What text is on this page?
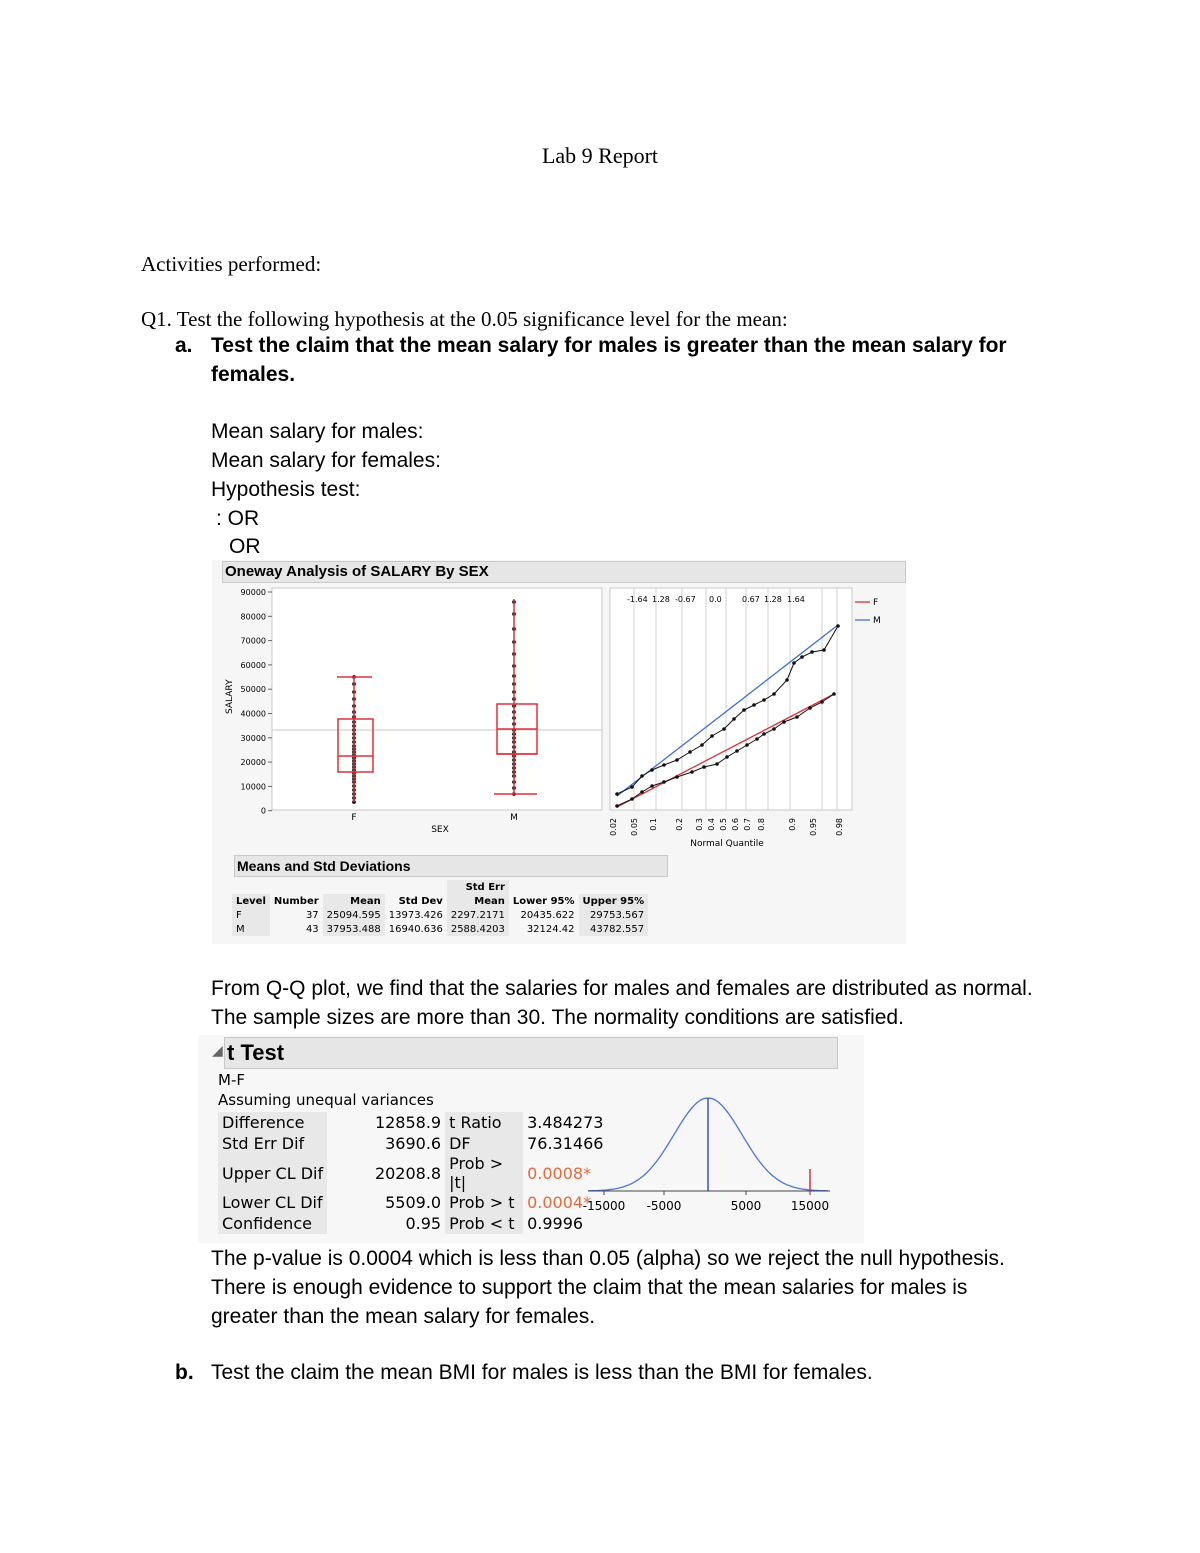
Lab 9 Report
Activities performed:
Q1. Test the following hypothesis at the 0.05 significance level for the mean:
a. Test the claim that the mean salary for males is greater than the mean salary for
females.
Mean salary for males:
Mean salary for females:
Hypothesis test:
: OR
OR
Oneway Analysis of SALARY By SEX
90000
80000
70000
60000
50000
40000
30000
20000
10000
0
SALARY
SEX
F	M
-1.64 1.28 -0.67 0.0	0.67 1.28 1.64
0.02 0.05 0.1 0.2 0.3 0.4 0.5 0.6 0.7 0.8	0.9 0.95 0.98
Normal Quantile
F
M
Means and Std Deviations
				Std Err		
Level	Number	Mean	Std Dev	Mean	Lower 95%	Upper 95%
F	37	25094.595	13973.426	2297.2171	20435.622	29753.567
M	43	37953.488	16940.636	2588.4203	32124.42	43782.557
From Q-Q plot, we find that the salaries for males and females are distributed as normal.
The sample sizes are more than 30. The normality conditions are satisfied.
◢ t Test
M-F
Assuming unequal variances
Difference	12858.9	t Ratio	3.484273
Std Err Dif	3690.6	DF	76.31466
Upper CL Dif	20208.8	Prob > |t|	0.0008*
Lower CL Dif	5509.0	Prob > t	0.0004*
Confidence	0.95	Prob < t	0.9996
-15000 -5000	5000 15000
The p-value is 0.0004 which is less than 0.05 (alpha) so we reject the null hypothesis.
There is enough evidence to support the claim that the mean salaries for males is
greater than the mean salary for females.
b. Test the claim the mean BMI for males is less than the BMI for females.
